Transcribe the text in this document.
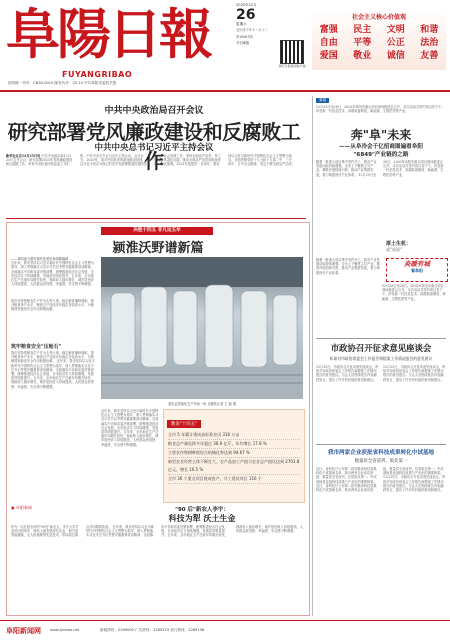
阜陽日報
FUYANGRIBAO
国内统一刊号：CN34-0010 邮发代号：25-10 中共阜阳市委机关报
2020年12月
26
星期六
农历庚子年十一月十二
第16067期
今日8版
阜阳日报新闻客户端
社会主义核心价值观
富强 民主 文明 和谐
自由 平等 公正 法治
爱国 敬业 诚信 友善
中共中央政治局召开会议
研究部署党风廉政建设和反腐败工作
中共中央总书记习近平主持会议
新华社北京12月25日电 中共中央政治局12月25日召开会议，研究部署2021年党风廉政建设和反腐败工作，听取中央纪委国家监委工作汇报。中共中央总书记习近平主持会议。会议认为，2020年，面对突如其来的新冠肺炎疫情，以习近平同志为核心的党中央统筹推进疫情防控和经济社会发展工作，坚持全面从严治党、持之以恒正风肃纪反腐，推动全面从严治党向纵深发展。会议强调，2021年是建党一百周年，要坚持以习近平新时代中国特色社会主义思想为指导，全面贯彻党的十九大和十九届二中、三中、四中、五中全会精神，坚定不移全面从严治党。
决胜十四五 非凡这五年
颍淮沃野谱新篇
——阜阳奋力谱写现代化美好阜阳新篇章
近年来，我市坚持以习近平新时代中国特色社会主义思想为指导，深入贯彻落实习近平总书记考察安徽重要讲话精神，全面落实中央和省委决策部署，统筹推进经济社会发展，全市经济实力持续增强，发展质效明显提升。五年来，全市地区生产总值年均增长较快，财政收入稳步增长，城乡居民收入持续提高，人民群众获得感、幸福感、安全感不断增强。
我市坚持把粮食生产作为头等大事，稳定粮食播种面积，提升粮食单产水平，粮食总产连续多年稳定在较高水平，为保障国家粮食安全作出积极贡献。
筑牢粮食安全"压舱石"
我市坚持把粮食生产作为头等大事，稳定粮食播种面积，提升粮食单产水平，粮食总产连续多年稳定在较高水平，为保障国家粮食安全作出积极贡献。 近年来，我市坚持以习近平新时代中国特色社会主义思想为指导，深入贯彻落实习近平总书记考察安徽重要讲话精神，全面落实中央和省委决策部署，统筹推进经济社会发展，全市经济实力持续增强，发展质效明显提升。五年来，全市地区生产总值年均增长较快，财政收入稳步增长，城乡居民收入持续提高，人民群众获得感、幸福感、安全感不断增强。
某乳业智能化生产车间一角 全媒体记者 王 毅 摄
近年来，我市坚持以习近平新时代中国特色社会主义思想为指导，深入贯彻落实习近平总书记考察安徽重要讲话精神，全面落实中央和省委决策部署，统筹推进经济社会发展，全市经济实力持续增强，发展质效明显提升。五年来，全市地区生产总值年均增长较快，财政收入稳步增长，城乡居民收入持续提高，人民群众获得感、幸福感、安全感不断增强。
数说"十四五"
全市 5 年累计建成高标准农田 316 万亩
粮食总产量连续多年超过 36.9 亿斤，年均增长 17.8 %
主要农作物耕种收综合机械化率达到 94.67 %
新型农业经营主体不断壮大，农产品加工产值与农业总产值比达到 2701.8 亿元，增长 16.5 %
全市 36 个重点项目建成投产，开工建设项目 116 个
"90 后"新农人李宇：
科技为犁 沃土生金
▣ 阜阳新闻
作为一名扎根农村的"90后"新农人，李宇大学毕业后回到家乡，流转土地发展现代农业，他引进智能灌溉、无人机植保等先进技术，带动周边群众共同增收致富。 近年来，我市坚持以习近平新时代中国特色社会主义思想为指导，深入贯彻落实习近平总书记考察安徽重要讲话精神，全面落实中央和省委决策部署，统筹推进经济社会发展，全市经济实力持续增强，发展质效明显提升。五年来，全市地区生产总值年均增长较快，财政收入稳步增长，城乡居民收入持续提高，人民群众获得感、幸福感、安全感不断增强。
要闻
12月25日至26日，2020年阜阳市重点项目现场推进会召开，本次活动共签约项目若干个，涉及新一代信息技术、高端装备制造、新能源、生物医药等产业。
奔"阜"未来
——从阜冷会千亿招商图遍看阜阳
"6849"产业链的之路
随着一批重大项目集中签约开工，我市产业发展动能持续增强。全市上下聚焦主导产业，精准开展招商引资，推动产业集群发展，着力构建现代产业体系。 12月25日至26日，2020年阜阳市重点项目现场推进会召开，本次活动共签约项目若干个，涉及新一代信息技术、高端装备制造、新能源、生物医药等产业。
厚土生机：
或"冰清"
随着一批重大项目集中签约开工，我市产业发展动能持续增强。全市上下聚焦主导产业，精准开展招商引资，推动产业集群发展，着力构建现代产业体系。
炎暖有城
看阜阳
12月25日至26日，2020年阜阳市重点项目现场推进会召开，本次活动共签约项目若干个，涉及新一代信息技术、高端装备制造、新能源、生物医药等产业。
市政协召开征求意见座谈会
听取对市政协常委会工作报告和提案工作情况报告的意见建议
12月25日，市政协召开征求意见座谈会，听取对市政协常委会工作报告和提案工作情况报告的意见建议。与会人员围绕报告内容踊跃发言，提出了许多有价值的意见和建议。 12月25日，市政协召开征求意见座谈会，听取对市政协常委会工作报告和提案工作情况报告的意见建议。与会人员围绕报告内容踊跃发言，提出了许多有价值的意见和建议。
我市两家企业获批省科技成果转化中试基地
数量居全省前列、皖北第一
近日，省科技厅公布第二批安徽省科技成果转化中试基地名单，我市两家企业成功获批，数量居全省前列，位居皖北第一。中试基地是连接科技成果与产业化的重要桥梁。 近日，省科技厅公布第二批安徽省科技成果转化中试基地名单，我市两家企业成功获批，数量居全省前列，位居皖北第一。中试基地是连接科技成果与产业化的重要桥梁。 12月25日，市政协召开征求意见座谈会，听取对市政协常委会工作报告和提案工作情况报告的意见建议。与会人员围绕报告内容踊跃发言，提出了许多有价值的意见和建议。
阜阳新闻网	www.fynews.net	新闻热线：2289000 广告热线：2289123 发行热线：2289138
